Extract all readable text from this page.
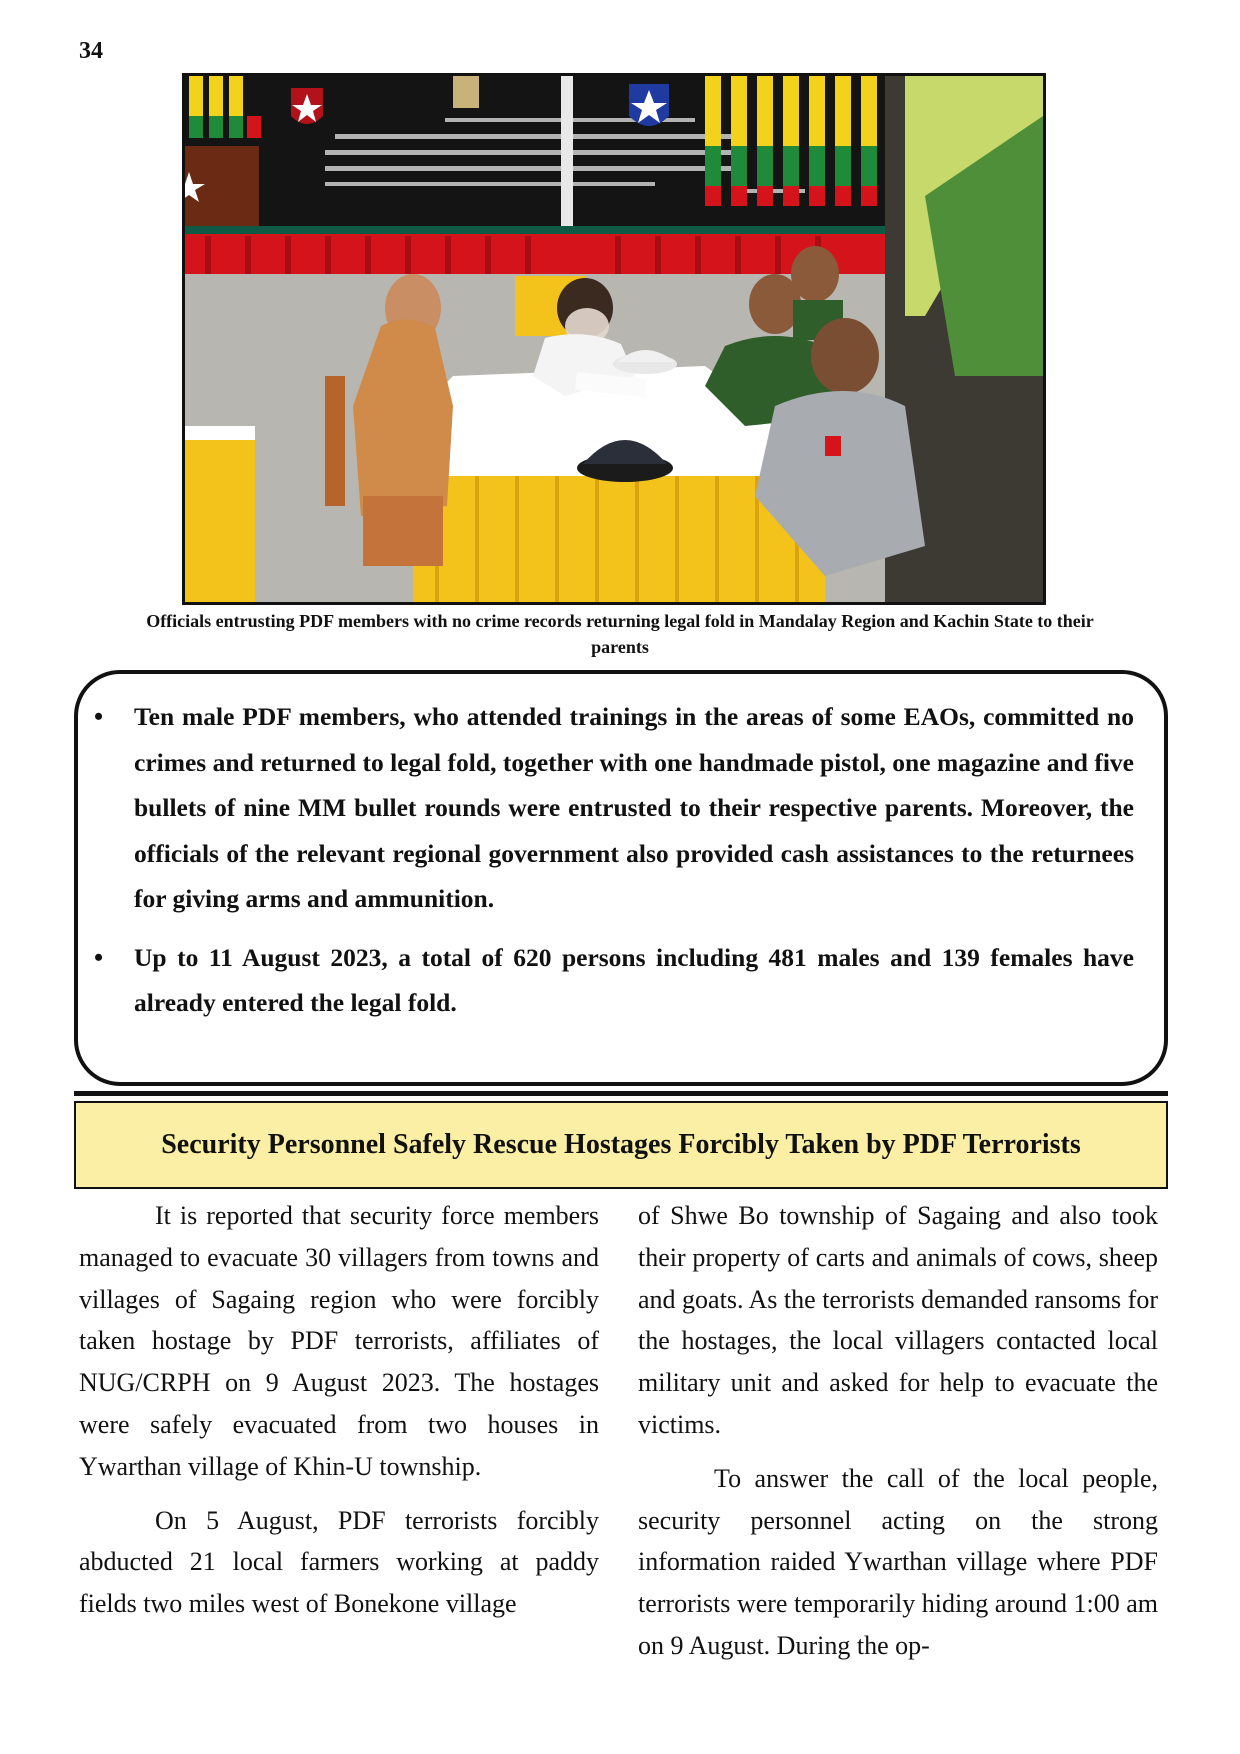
34
Officials entrusting PDF members with no crime records returning legal fold in Mandalay Region and Kachin State to their parents
• Ten male PDF members, who attended trainings in the areas of some EAOs, committed no crimes and returned to legal fold, together with one handmade pistol, one magazine and five bullets of nine MM bullet rounds were entrusted to their respective parents. Moreover, the officials of the relevant regional government also provided cash assistances to the returnees for giving arms and ammunition.
• Up to 11 August 2023, a total of 620 persons including 481 males and 139 females have already entered the legal fold.
Security Personnel Safely Rescue Hostages Forcibly Taken by PDF Terrorists

It is reported that security force members managed to evacuate 30 villagers from towns and villages of Sagaing region who were forcibly taken hostage by PDF terrorists, affiliates of NUG/CRPH on 9 August 2023. The hostages were safely evacuated from two houses in Ywarthan village of Khin-U township.

On 5 August, PDF terrorists forcibly abducted 21 local farmers working at paddy fields two miles west of Bonekone village

of Shwe Bo township of Sagaing and also took their property of carts and animals of cows, sheep and goats. As the terrorists demanded ransoms for the hostages, the local villagers contacted local military unit and asked for help to evacuate the victims.

To answer the call of the local people, security personnel acting on the strong information raided Ywarthan village where PDF terrorists were temporarily hiding around 1:00 am on 9 August. During the op-
